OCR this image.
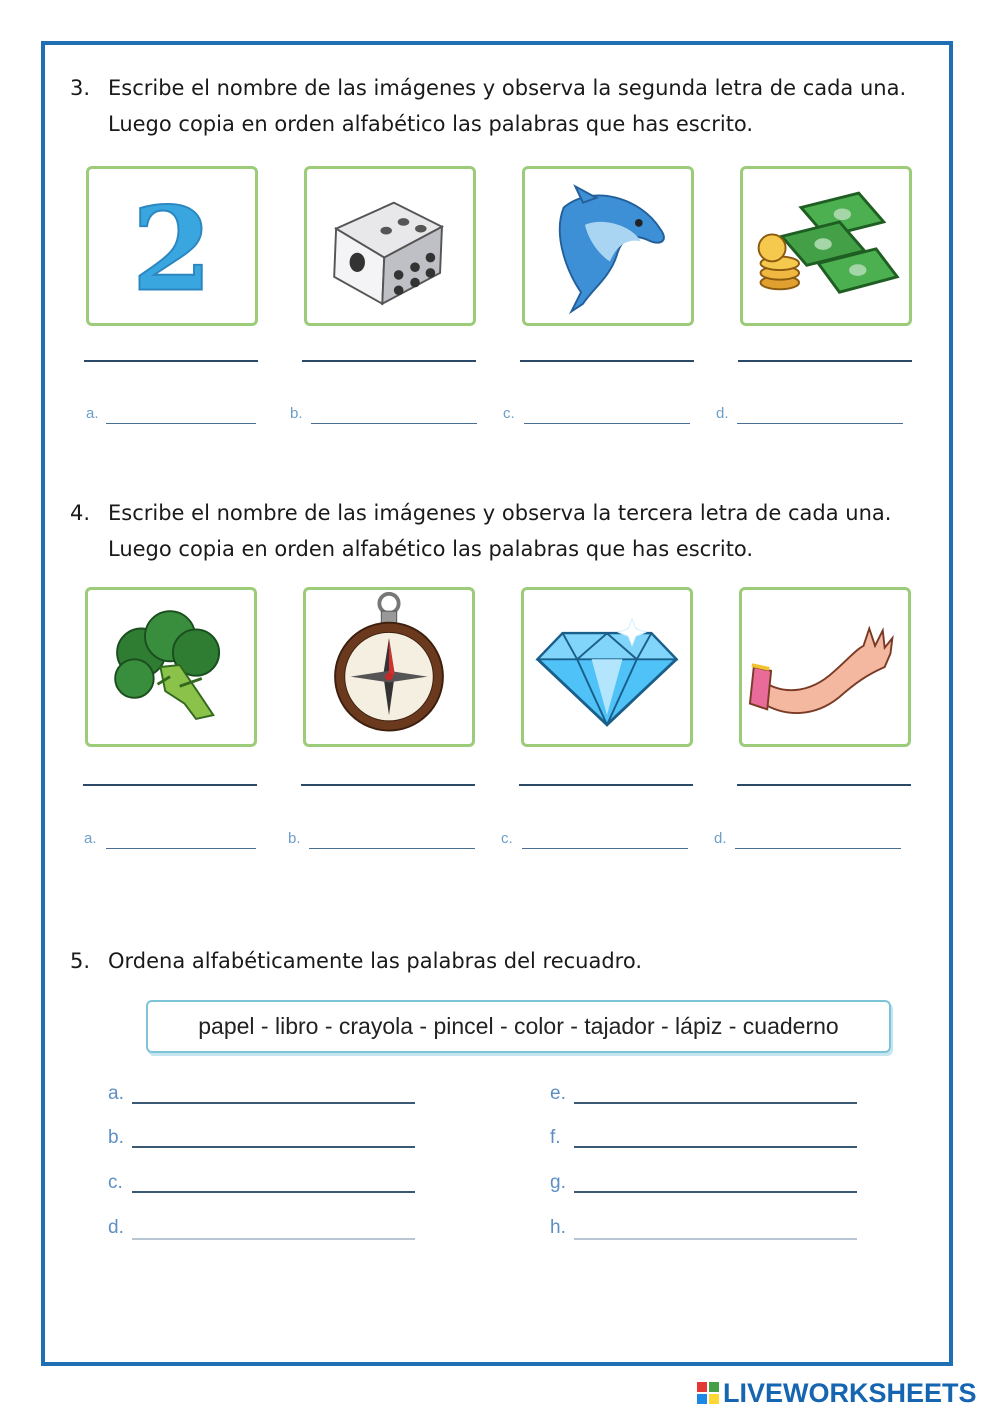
3. Escribe el nombre de las imágenes y observa la segunda letra de cada una.
Luego copia en orden alfabético las palabras que has escrito.
2
a.	b.	c.	d.
4. Escribe el nombre de las imágenes y observa la tercera letra de cada una.
Luego copia en orden alfabético las palabras que has escrito.
a.	b.	c.	d.
5. Ordena alfabéticamente las palabras del recuadro.
papel - libro - crayola - pincel - color - tajador - lápiz - cuaderno
a.
b.
c.
d.
e.
f.
g.
h.
LIVEWORKSHEETS
